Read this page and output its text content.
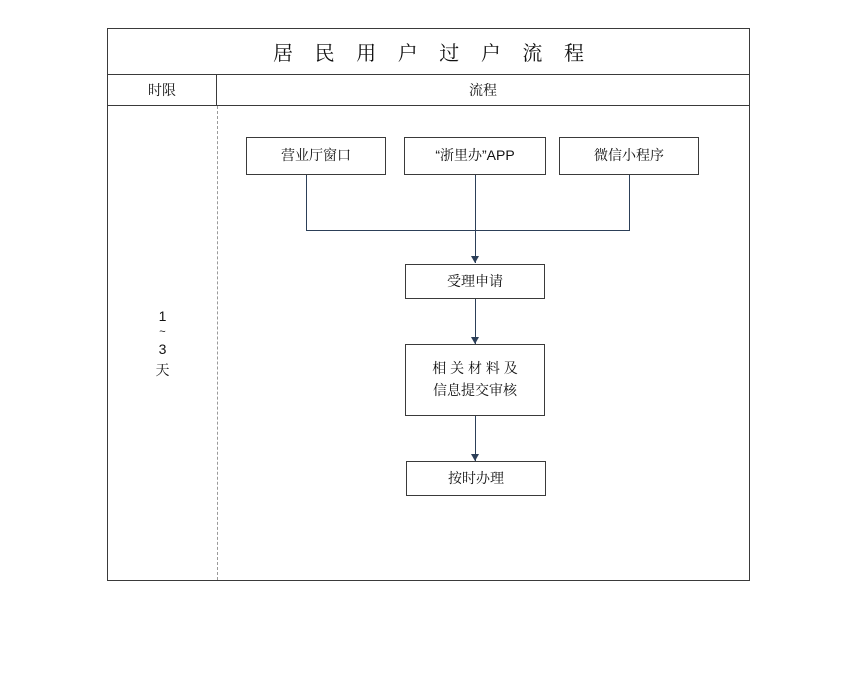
居 民 用 户 过 户 流 程
时限	流程
1
~
3
天
营业厅窗口	“浙里办”APP	微信小程序
受理申请
相 关 材 料 及
信息提交审核
按时办理
